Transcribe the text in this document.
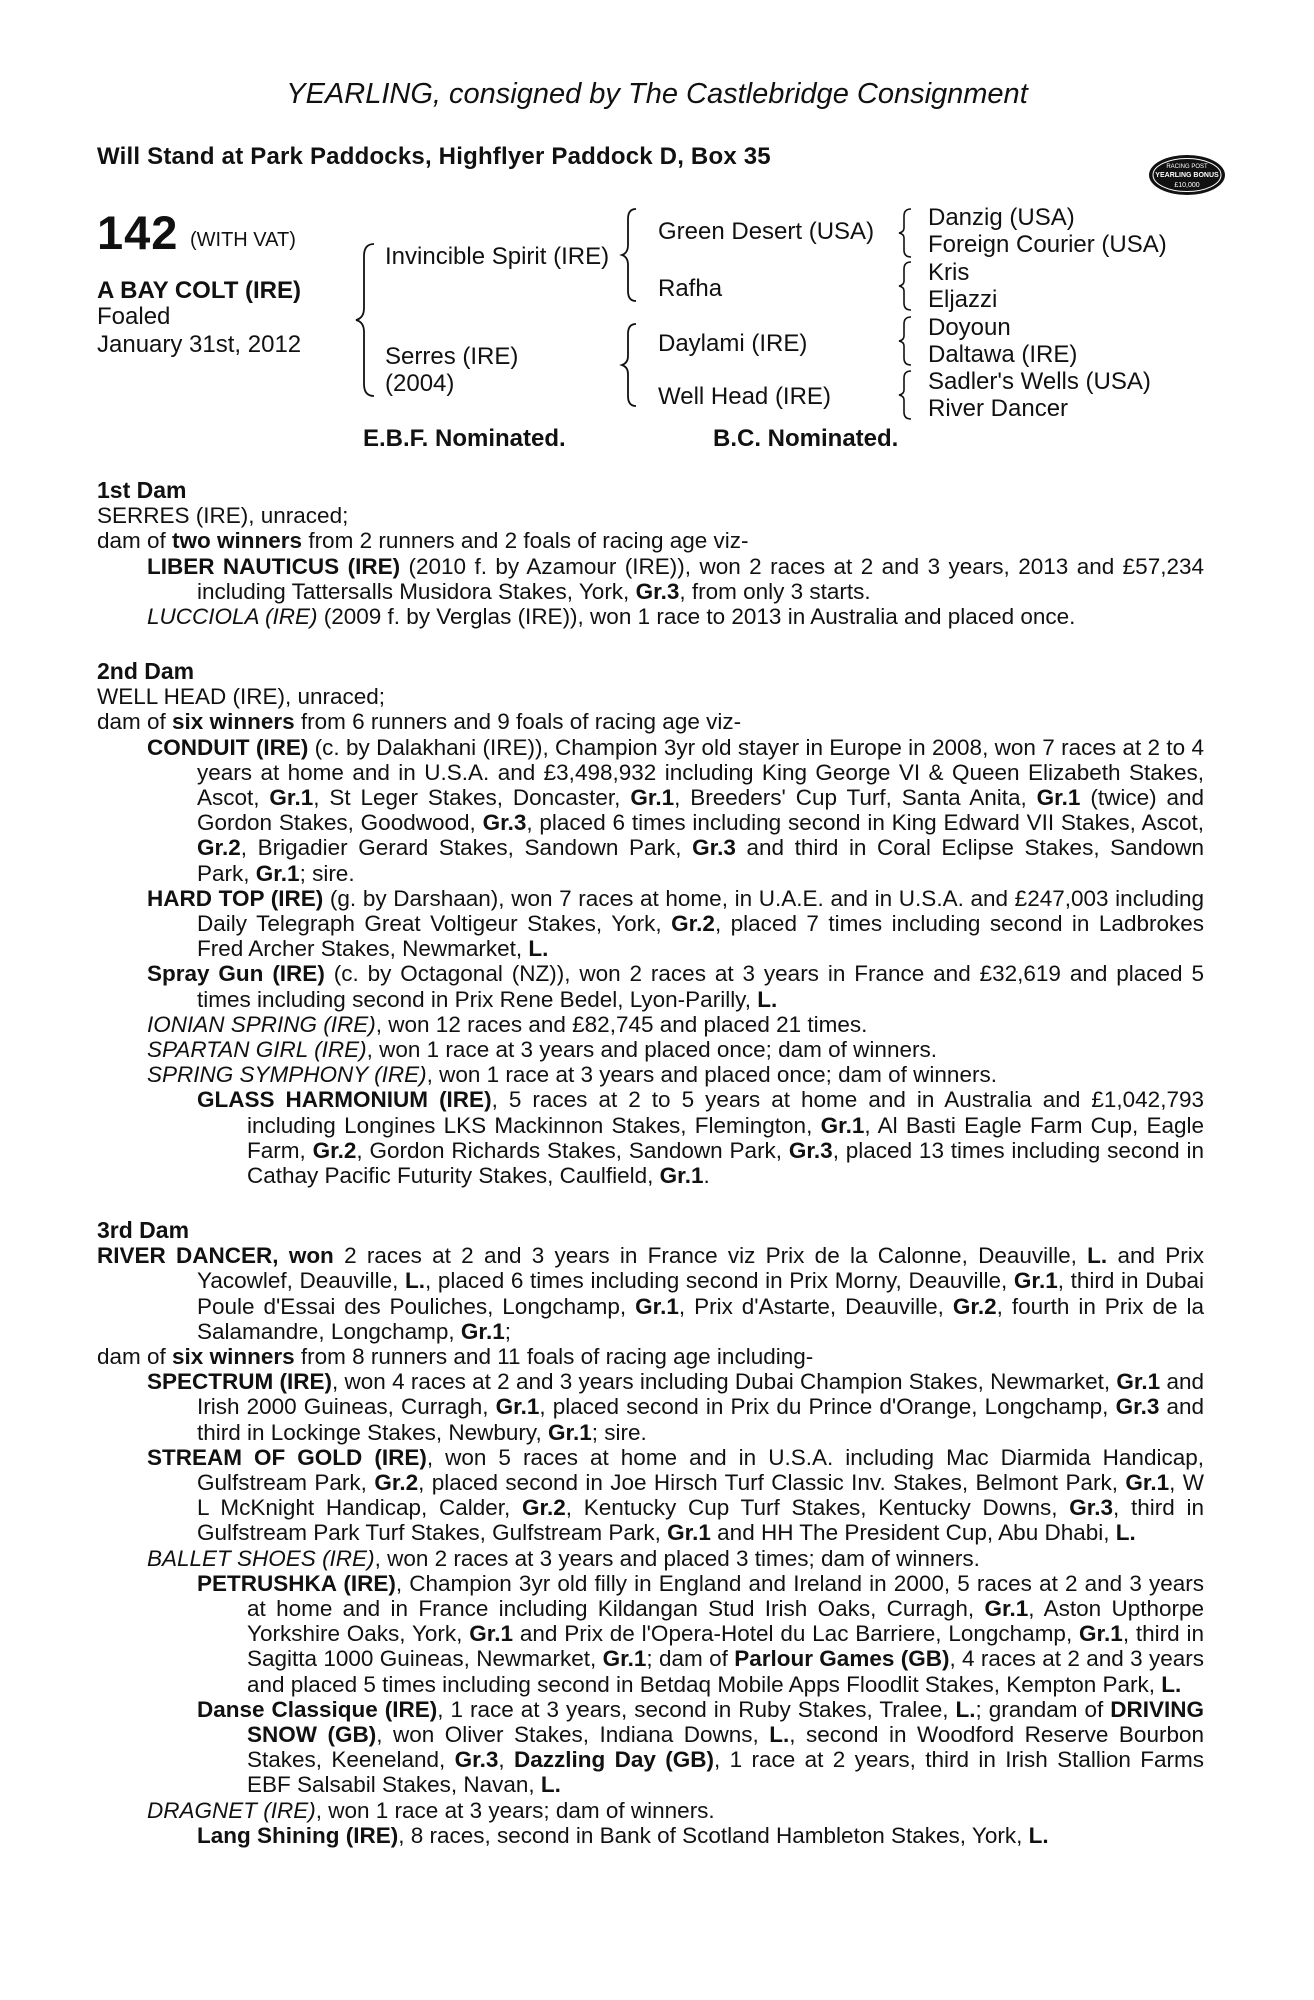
YEARLING, consigned by The Castlebridge Consignment
Will Stand at Park Paddocks, Highflyer Paddock D, Box 35	RACING POST
YEARLING BONUS
£10,000
142 (WITH VAT)
A BAY COLT (IRE)
Foaled
January 31st, 2012
Invincible Spirit (IRE)
Serres (IRE)
(2004)
Green Desert (USA)
Rafha
Daylami (IRE)
Well Head (IRE)
Danzig (USA)
Foreign Courier (USA)
Kris
Eljazzi
Doyoun
Daltawa (IRE)
Sadler's Wells (USA)
River Dancer
E.B.F. Nominated.	B.C. Nominated.

1st Dam

SERRES (IRE), unraced;

dam of two winners from 2 runners and 2 foals of racing age viz-

LIBER NAUTICUS (IRE) (2010 f. by Azamour (IRE)), won 2 races at 2 and 3 years, 2013 and £57,234 including Tattersalls Musidora Stakes, York, Gr.3, from only 3 starts.

LUCCIOLA (IRE) (2009 f. by Verglas (IRE)), won 1 race to 2013 in Australia and placed once.

2nd Dam

WELL HEAD (IRE), unraced;

dam of six winners from 6 runners and 9 foals of racing age viz-

CONDUIT (IRE) (c. by Dalakhani (IRE)), Champion 3yr old stayer in Europe in 2008, won 7 races at 2 to 4 years at home and in U.S.A. and £3,498,932 including King George VI & Queen Elizabeth Stakes, Ascot, Gr.1, St Leger Stakes, Doncaster, Gr.1, Breeders' Cup Turf, Santa Anita, Gr.1 (twice) and Gordon Stakes, Goodwood, Gr.3, placed 6 times including second in King Edward VII Stakes, Ascot, Gr.2, Brigadier Gerard Stakes, Sandown Park, Gr.3 and third in Coral Eclipse Stakes, Sandown Park, Gr.1; sire.

HARD TOP (IRE) (g. by Darshaan), won 7 races at home, in U.A.E. and in U.S.A. and £247,003 including Daily Telegraph Great Voltigeur Stakes, York, Gr.2, placed 7 times including second in Ladbrokes Fred Archer Stakes, Newmarket, L.

Spray Gun (IRE) (c. by Octagonal (NZ)), won 2 races at 3 years in France and £32,619 and placed 5 times including second in Prix Rene Bedel, Lyon-Parilly, L.

IONIAN SPRING (IRE), won 12 races and £82,745 and placed 21 times.

SPARTAN GIRL (IRE), won 1 race at 3 years and placed once; dam of winners.

SPRING SYMPHONY (IRE), won 1 race at 3 years and placed once; dam of winners.

GLASS HARMONIUM (IRE), 5 races at 2 to 5 years at home and in Australia and £1,042,793 including Longines LKS Mackinnon Stakes, Flemington, Gr.1, Al Basti Eagle Farm Cup, Eagle Farm, Gr.2, Gordon Richards Stakes, Sandown Park, Gr.3, placed 13 times including second in Cathay Pacific Futurity Stakes, Caulfield, Gr.1.

3rd Dam

RIVER DANCER, won 2 races at 2 and 3 years in France viz Prix de la Calonne, Deauville, L. and Prix Yacowlef, Deauville, L., placed 6 times including second in Prix Morny, Deauville, Gr.1, third in Dubai Poule d'Essai des Pouliches, Longchamp, Gr.1, Prix d'Astarte, Deauville, Gr.2, fourth in Prix de la Salamandre, Longchamp, Gr.1;

dam of six winners from 8 runners and 11 foals of racing age including-

SPECTRUM (IRE), won 4 races at 2 and 3 years including Dubai Champion Stakes, Newmarket, Gr.1 and Irish 2000 Guineas, Curragh, Gr.1, placed second in Prix du Prince d'Orange, Longchamp, Gr.3 and third in Lockinge Stakes, Newbury, Gr.1; sire.

STREAM OF GOLD (IRE), won 5 races at home and in U.S.A. including Mac Diarmida Handicap, Gulfstream Park, Gr.2, placed second in Joe Hirsch Turf Classic Inv. Stakes, Belmont Park, Gr.1, W L McKnight Handicap, Calder, Gr.2, Kentucky Cup Turf Stakes, Kentucky Downs, Gr.3, third in Gulfstream Park Turf Stakes, Gulfstream Park, Gr.1 and HH The President Cup, Abu Dhabi, L.

BALLET SHOES (IRE), won 2 races at 3 years and placed 3 times; dam of winners.

PETRUSHKA (IRE), Champion 3yr old filly in England and Ireland in 2000, 5 races at 2 and 3 years at home and in France including Kildangan Stud Irish Oaks, Curragh, Gr.1, Aston Upthorpe Yorkshire Oaks, York, Gr.1 and Prix de l'Opera-Hotel du Lac Barriere, Longchamp, Gr.1, third in Sagitta 1000 Guineas, Newmarket, Gr.1; dam of Parlour Games (GB), 4 races at 2 and 3 years and placed 5 times including second in Betdaq Mobile Apps Floodlit Stakes, Kempton Park, L.

Danse Classique (IRE), 1 race at 3 years, second in Ruby Stakes, Tralee, L.; grandam of DRIVING SNOW (GB), won Oliver Stakes, Indiana Downs, L., second in Woodford Reserve Bourbon Stakes, Keeneland, Gr.3, Dazzling Day (GB), 1 race at 2 years, third in Irish Stallion Farms EBF Salsabil Stakes, Navan, L.

DRAGNET (IRE), won 1 race at 3 years; dam of winners.

Lang Shining (IRE), 8 races, second in Bank of Scotland Hambleton Stakes, York, L.
